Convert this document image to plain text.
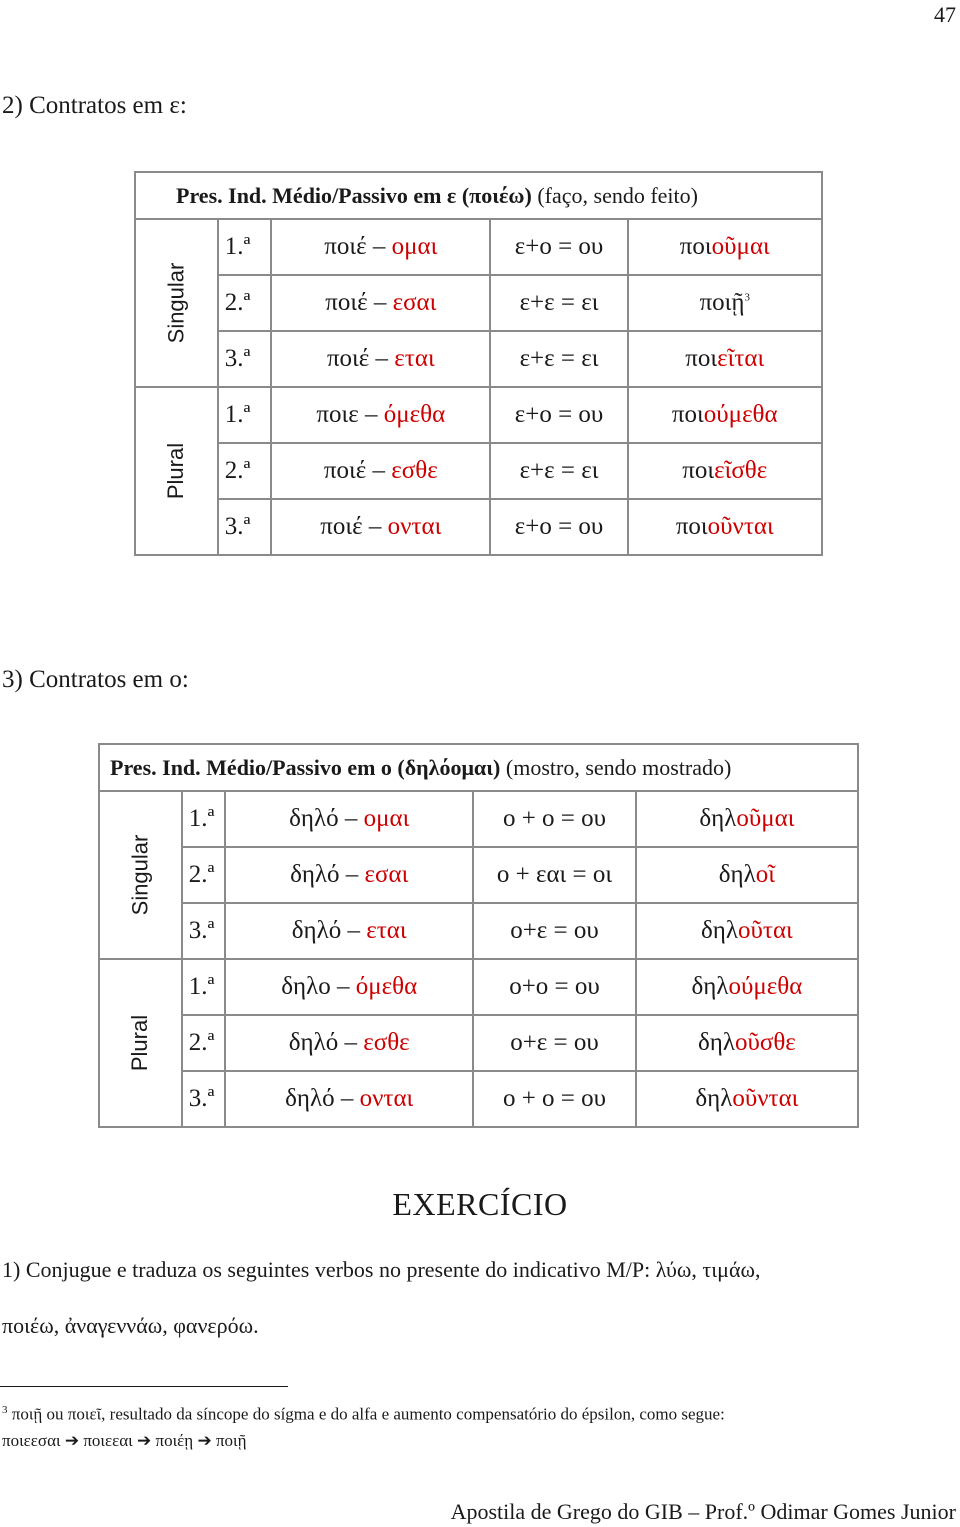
47
2) Contratos em ε:
Pres. Ind. Médio/Passivo em ε (ποιέω) (faço, sendo feito)				
Singular	1.ª	ποιέ – ομαι	ε+ο = ου	ποιοῦμαι
	2.ª	ποιέ – εσαι	ε+ε = ει	ποιῇ$^3$
	3.ª	ποιέ – εται	ε+ε = ει	ποιεῖται
Plural	1.ª	ποιε – όμεθα	ε+ο = ου	ποιούμεθα
	2.ª	ποιέ – εσθε	ε+ε = ει	ποιεῖσθε
	3.ª	ποιέ – ονται	ε+ο = ου	ποιοῦνται
3) Contratos em ο:
Pres. Ind. Médio/Passivo em ο (δηλόομαι) (mostro, sendo mostrado)				
Singular	1.ª	δηλό – ομαι	ο + ο = ου	δηλοῦμαι
	2.ª	δηλό – εσαι	ο + εαι = οι	δηλοῖ
	3.ª	δηλό – εται	ο+ε = ου	δηλοῦται
Plural	1.ª	δηλο – όμεθα	ο+ο = ου	δηλούμεθα
	2.ª	δηλό – εσθε	ο+ε = ου	δηλοῦσθε
	3.ª	δηλό – ονται	ο + ο = ου	δηλοῦνται
EXERCÍCIO
1) Conjugue e traduza os seguintes verbos no presente do indicativo M/P: λύω, τιμάω,
ποιέω, ἀναγεννάω, φανερόω.
$^3$ ποιῇ ou ποιεῖ, resultado da síncope do sígma e do alfa e aumento compensatório do épsilon, como segue:
ποιεεσαι ➔ ποιεεαι ➔ ποιέῃ ➔ ποιῇ
Apostila de Grego do GIB – Prof.º Odimar Gomes Junior
